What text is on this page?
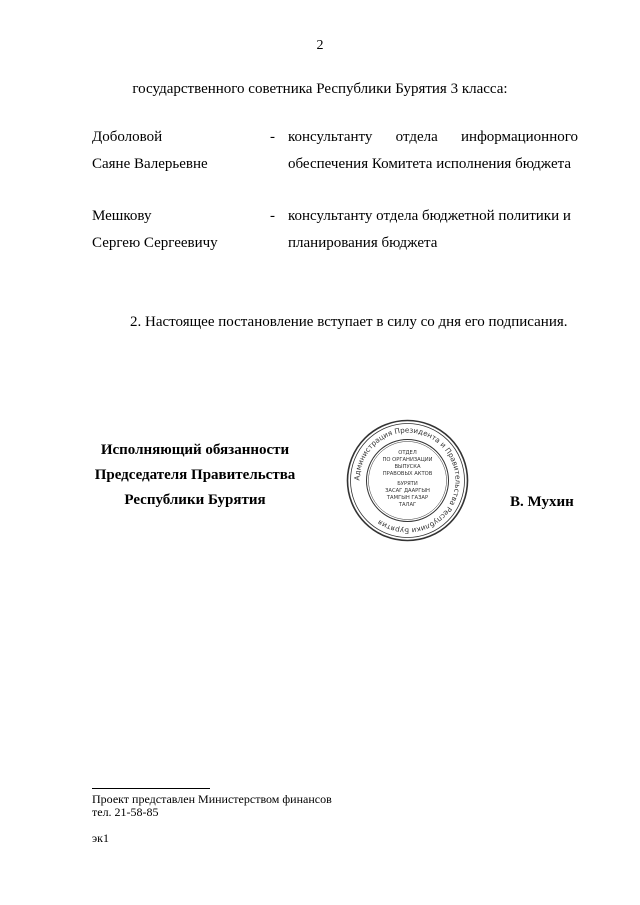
2
государственного советника Республики Бурятия 3 класса:
Доболовой
Саяне Валерьевне
- консультанту отдела информационного
обеспечения Комитета исполнения бюджета
Мешкову
Сергею Сергеевичу
- консультанту отдела бюджетной политики и
планирования бюджета
2. Настоящее постановление вступает в силу со дня его подписания.
Исполняющий обязанности
Председателя Правительства
Республики Бурятия	В. Мухин
Администрация Президента и Правительства Республики Бурятия
ОТДЕЛ
ПО ОРГАНИЗАЦИИ
ВЫПУСКА
ПРАВОВЫХ АКТОВ
БУРЯТИ
ЗАСАГ ДААРГЫН
ТАМГЫН ГАЗАР
ТАЛАГ
Проект представлен Министерством финансов
тел. 21-58-85
эк1
